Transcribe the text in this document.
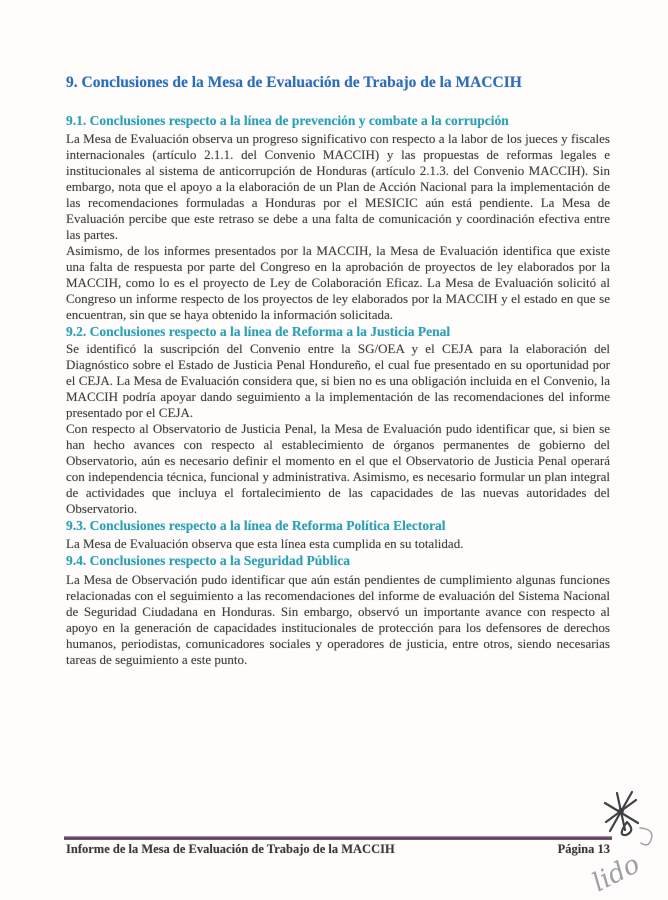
9. Conclusiones de la Mesa de Evaluación de Trabajo de la MACCIH
9.1. Conclusiones respecto a la línea de prevención y combate a la corrupción

La Mesa de Evaluación observa un progreso significativo con respecto a la labor de los jueces y fiscales internacionales (artículo 2.1.1. del Convenio MACCIH) y las propuestas de reformas legales e institucionales al sistema de anticorrupción de Honduras (artículo 2.1.3. del Convenio MACCIH). Sin embargo, nota que el apoyo a la elaboración de un Plan de Acción Nacional para la implementación de las recomendaciones formuladas a Honduras por el MESICIC aún está pendiente. La Mesa de Evaluación percibe que este retraso se debe a una falta de comunicación y coordinación efectiva entre las partes.

Asimismo, de los informes presentados por la MACCIH, la Mesa de Evaluación identifica que existe una falta de respuesta por parte del Congreso en la aprobación de proyectos de ley elaborados por la MACCIH, como lo es el proyecto de Ley de Colaboración Eficaz. La Mesa de Evaluación solicitó al Congreso un informe respecto de los proyectos de ley elaborados por la MACCIH y el estado en que se encuentran, sin que se haya obtenido la información solicitada.

9.2. Conclusiones respecto a la línea de Reforma a la Justicia Penal

Se identificó la suscripción del Convenio entre la SG/OEA y el CEJA para la elaboración del Diagnóstico sobre el Estado de Justicia Penal Hondureño, el cual fue presentado en su oportunidad por el CEJA. La Mesa de Evaluación considera que, si bien no es una obligación incluida en el Convenio, la MACCIH podría apoyar dando seguimiento a la implementación de las recomendaciones del informe presentado por el CEJA.

Con respecto al Observatorio de Justicia Penal, la Mesa de Evaluación pudo identificar que, si bien se han hecho avances con respecto al establecimiento de órganos permanentes de gobierno del Observatorio, aún es necesario definir el momento en el que el Observatorio de Justicia Penal operará con independencia técnica, funcional y administrativa. Asimismo, es necesario formular un plan integral de actividades que incluya el fortalecimiento de las capacidades de las nuevas autoridades del Observatorio.

9.3. Conclusiones respecto a la línea de Reforma Política Electoral

La Mesa de Evaluación observa que esta línea esta cumplida en su totalidad.

9.4. Conclusiones respecto a la Seguridad Pública

La Mesa de Observación pudo identificar que aún están pendientes de cumplimiento algunas funciones relacionadas con el seguimiento a las recomendaciones del informe de evaluación del Sistema Nacional de Seguridad Ciudadana en Honduras. Sin embargo, observó un importante avance con respecto al apoyo en la generación de capacidades institucionales de protección para los defensores de derechos humanos, periodistas, comunicadores sociales y operadores de justicia, entre otros, siendo necesarias tareas de seguimiento a este punto.

Informe de la Mesa de Evaluación de Trabajo de la MACCIH	Página 13
lido
